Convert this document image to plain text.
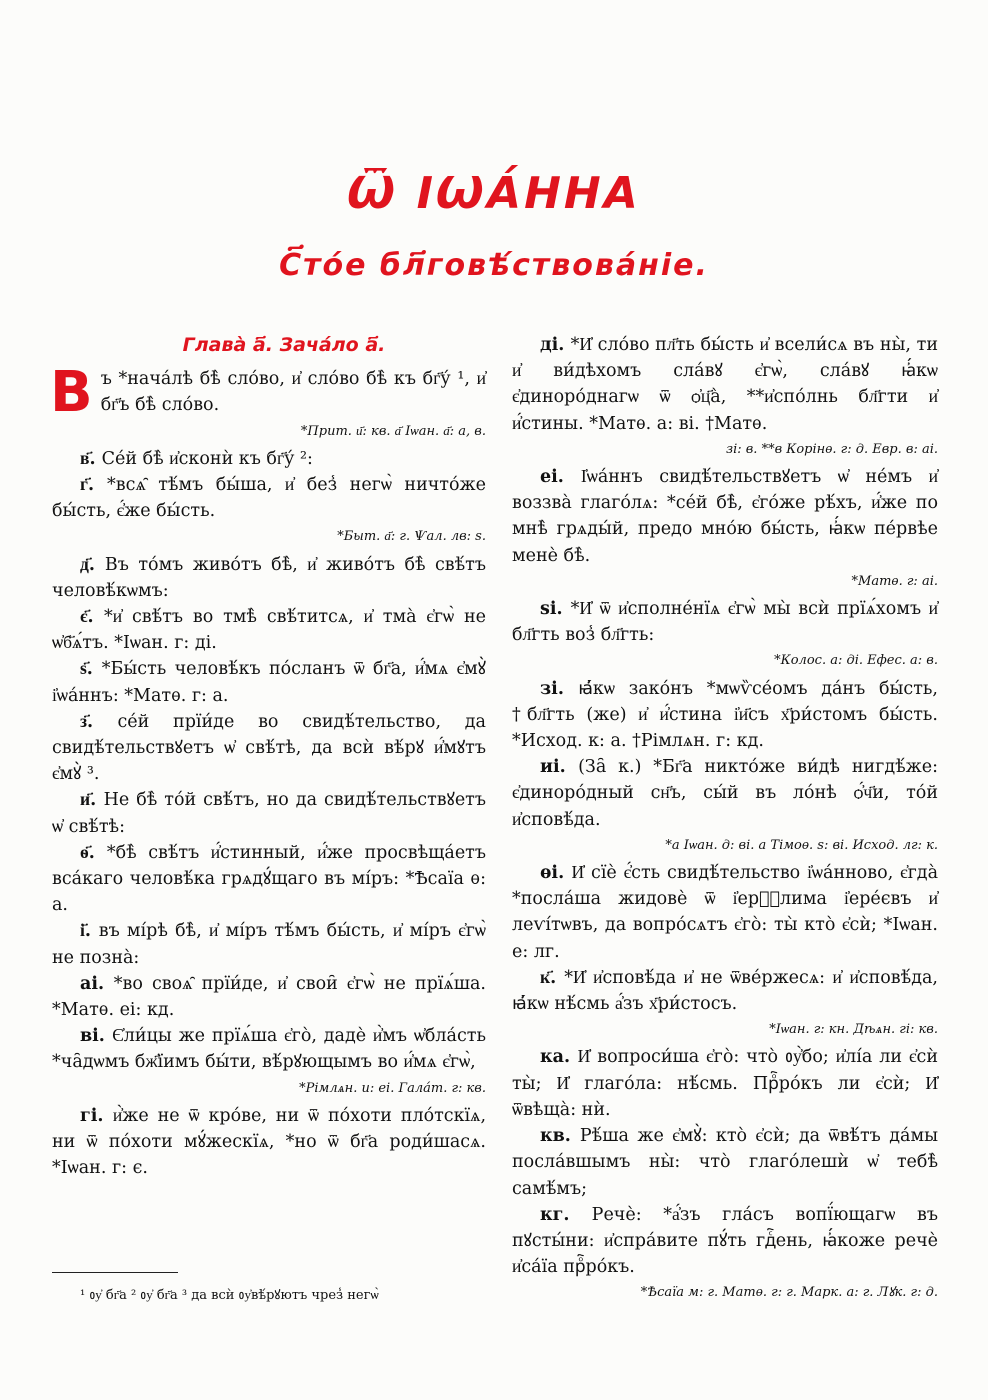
Ѿ ІѠА́ННА
С҃то́е бл҃говѣ́ствова́ніе.
Глава̀ а҃. Зача́ло а҃.

Въ *нача́лѣ бѣ̀ сло́во, и҆ сло́во бѣ̀ къ бг҃у́ ¹, и҆ бг҃ъ бѣ̀ сло́во.

*Прит. и҃: кв. а҃ Іѡан. а҃: а, в.

в҃. Се́й бѣ̀ и҆сконѝ къ бг҃у́ ²:

г҃. *всѧ̑ тѣ́мъ бы́ша, и҆ без̾ негѡ̀ ничто́же бы́сть, є҆́же бы́сть.

*Быт. а҃: г. Ѱал. лв: ѕ.

д҃. Въ то́мъ живо́тъ бѣ̀, и҆ живо́тъ бѣ̀ свѣ́тъ человѣ́кѡмъ:

є҃. *и҆ свѣ́тъ во тмѣ̀ свѣ́титсѧ, и҆ тма̀ є҆гѡ̀ не ѡ҆б҃ѧ́тъ. *Іѡан. г: ді.

ѕ҃. *Бы́сть человѣ́къ по́сланъ ѿ бг҃а, и҆́мѧ є҆мꙋ̀ і҆ѡа́ннъ: *Матѳ. г: а.

з҃. се́й прїи́де во свидѣ́тельство, да свидѣ́тельствꙋетъ ѡ҆ свѣ́тѣ, да всѝ вѣ́рꙋ и҆́мꙋтъ є҆мꙋ̀ ³.

и҃. Не бѣ̀ то́й свѣ́тъ, но да свидѣ́тельствꙋетъ ѡ҆ свѣ́тѣ:

ѳ҃. *бѣ̀ свѣ́тъ и҆́стинный, и҆́же просвѣща́етъ вса́каго человѣ́ка грѧдꙋ́щаго въ мі́ръ: *Ѣсаїа ѳ: а.

і҃. въ мі́рѣ бѣ̀, и҆ мі́ръ тѣ́мъ бы́сть, и҆ мі́ръ є҆гѡ̀ не позна̀:

аі. *во своѧ̑ прїи́де, и҆ свои̑ є҆гѡ̀ не прїѧ́ша. *Матѳ. еі: кд.

ві. Є҆ли́цы же прїѧ́ша є҆го̀, дадѐ и҆̀мъ ѡ҆бла́сть *ча̑дѡмъ бж҃їимъ бы́ти, вѣ́рꙋющымъ во и҆́мѧ є҆гѡ̀,

*Рімлѧн. и: еі. Гала́т. г: кв.

гі. и҆̀же не ѿ кро́ве, ни ѿ по́хоти пло́тскїѧ, ни ѿ по́хоти мꙋ́жескїѧ, *но ѿ бг҃а роди́шасѧ. *Іѡан. г: є.

ді. *И҆ сло́во пл҃ть бы́сть и҆ всели́сѧ въ ны̀, ти и҆ ви́дѣхомъ сла́вꙋ є҆гѡ̀, сла́вꙋ ꙗ҆́кѡ є҆диноро́днагѡ ѿ ѻ҆ц҃а̀, **и҆спо́лнь бл҃гти и҆ и҆́стины. *Матѳ. а: ві. †Матѳ.

зі: в. **в Корінѳ. г: д. Евр. в: аі.

еі. І҆ѡа́ннъ свидѣ́тельствꙋетъ ѡ҆ не́мъ и҆ воззва̀ глаго́лѧ: *се́й бѣ̀, є҆го́же рѣ́хъ, и҆́же по мнѣ̀ грѧды́й, предо мно́ю бы́сть, ꙗ҆́кѡ пе́рвѣе менѐ бѣ̀.

*Матѳ. г: аі.

ѕі. *И҆ ѿ и҆сполне́нїѧ є҆гѡ̀ мы̀ всѝ прїѧ́хомъ и҆ бл҃гть воз̾ бл҃гть:

*Колос. а: ді. Ефес. а: в.

зі. ꙗ҆́кѡ зако́нъ *мѡѷсе́омъ да́нъ бы́сть, †бл҃гть (же) и҆ и҆́стина і҆и҃съ х҃ри́стомъ бы́сть. *Исход. к: а. †Рімлѧн. г: кд.

иі. (За̑ к.) *Бг҃а никто́же ви́дѣ нигдѣ́же: є҆диноро́дный сн҃ъ, сы́й въ ло́нѣ ѻ҆́ч҃и, то́й и҆сповѣ́да.

*а Іѡан. д: ві. а Тімоѳ. ѕ: ві. Исход. лг: к.

ѳі. И҆ сїѐ є҆́сть свидѣ́тельство і҆ѡа́нново, є҆гда̀ *посла́ша жидовѐ ѿ і҆ерⷭ҇лима і҆ере́євъ и҆ леѵі́тѡвъ, да вопро́сѧтъ є҆го̀: ты̀ кто̀ є҆сѝ; *Іѡан. е: лг.

к҃. *И҆ и҆сповѣ́да и҆ не ѿве́ржесѧ: и҆ и҆сповѣ́да, ꙗ҆́кѡ нѣ́смь а҆́зъ х҃ри́стосъ.

*Іѡан. г: кн. Дѣѧн. гі: кв.

ка. И҆ вопроси́ша є҆го̀: что̀ ᲂу҆̀бо; и҆лі́а ли є҆сѝ ты̀; И҆ глаго́ла: нѣ́смь. Прⷪ҇ро́къ ли є҆сѝ; И҆ ѿвѣща̀: нѝ.

кв. Рѣ́ша же є҆мꙋ̀: кто̀ є҆сѝ; да ѿвѣ́тъ да́мы посла́вшымъ ны̀: что̀ глаго́лешѝ ѡ҆ тебѣ̀ самѣ́мъ;

кг. Речѐ: *а҆́зъ гла́съ вопї́ющагѡ въ пꙋсты́ни: и҆спра́вите пꙋ́ть гдⷭ҇ень, ꙗ҆́коже речѐ и҆са́їа прⷪ҇ро́къ.

*Ѣсаїа м: г. Матѳ. г: г. Марк. а: г. Лꙋк. г: д.

¹ ᲂу҆ бг҃а ² ᲂу҆ бг҃а ³ да всѝ ᲂу҆вѣ́рꙋютъ чрез̾ негѡ̀
